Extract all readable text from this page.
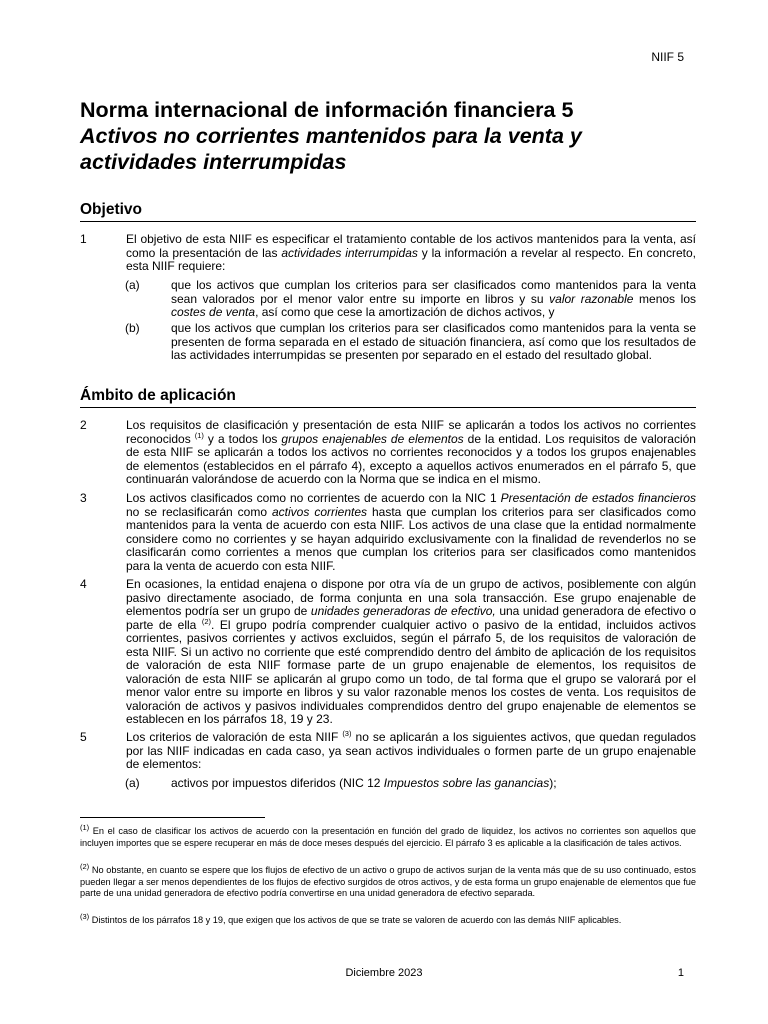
NIIF 5

Norma internacional de información financiera 5

Activos no corrientes mantenidos para la venta y

actividades interrumpidas

Objetivo
1	El objetivo de esta NIIF es especificar el tratamiento contable de los activos mantenidos para la venta, así como la presentación de las actividades interrumpidas y la información a revelar al respecto. En concreto, esta NIIF requiere:
(a)	que los activos que cumplan los criterios para ser clasificados como mantenidos para la venta sean valorados por el menor valor entre su importe en libros y su valor razonable menos los costes de venta, así como que cese la amortización de dichos activos, y
(b)	que los activos que cumplan los criterios para ser clasificados como mantenidos para la venta se presenten de forma separada en el estado de situación financiera, así como que los resultados de las actividades interrumpidas se presenten por separado en el estado del resultado global.
Ámbito de aplicación
2	Los requisitos de clasificación y presentación de esta NIIF se aplicarán a todos los activos no corrientes reconocidos $^{(1)}$ y a todos los grupos enajenables de elementos de la entidad. Los requisitos de valoración de esta NIIF se aplicarán a todos los activos no corrientes reconocidos y a todos los grupos enajenables de elementos (establecidos en el párrafo 4), excepto a aquellos activos enumerados en el párrafo 5, que continuarán valorándose de acuerdo con la Norma que se indica en el mismo.
3	Los activos clasificados como no corrientes de acuerdo con la NIC 1 Presentación de estados financieros no se reclasificarán como activos corrientes hasta que cumplan los criterios para ser clasificados como mantenidos para la venta de acuerdo con esta NIIF. Los activos de una clase que la entidad normalmente considere como no corrientes y se hayan adquirido exclusivamente con la finalidad de revenderlos no se clasificarán como corrientes a menos que cumplan los criterios para ser clasificados como mantenidos para la venta de acuerdo con esta NIIF.
4	En ocasiones, la entidad enajena o dispone por otra vía de un grupo de activos, posiblemente con algún pasivo directamente asociado, de forma conjunta en una sola transacción. Ese grupo enajenable de elementos podría ser un grupo de unidades generadoras de efectivo, una unidad generadora de efectivo o parte de ella $^{(2)}$. El grupo podría comprender cualquier activo o pasivo de la entidad, incluidos activos corrientes, pasivos corrientes y activos excluidos, según el párrafo 5, de los requisitos de valoración de esta NIIF. Si un activo no corriente que esté comprendido dentro del ámbito de aplicación de los requisitos de valoración de esta NIIF formase parte de un grupo enajenable de elementos, los requisitos de valoración de esta NIIF se aplicarán al grupo como un todo, de tal forma que el grupo se valorará por el menor valor entre su importe en libros y su valor razonable menos los costes de venta. Los requisitos de valoración de activos y pasivos individuales comprendidos dentro del grupo enajenable de elementos se establecen en los párrafos 18, 19 y 23.
5	Los criterios de valoración de esta NIIF $^{(3)}$ no se aplicarán a los siguientes activos, que quedan regulados por las NIIF indicadas en cada caso, ya sean activos individuales o formen parte de un grupo enajenable de elementos:
(a)	activos por impuestos diferidos (NIC 12 Impuestos sobre las ganancias);
$^{(1)}$ En el caso de clasificar los activos de acuerdo con la presentación en función del grado de liquidez, los activos no corrientes son aquellos que incluyen importes que se espere recuperar en más de doce meses después del ejercicio. El párrafo 3 es aplicable a la clasificación de tales activos.
$^{(2)}$ No obstante, en cuanto se espere que los flujos de efectivo de un activo o grupo de activos surjan de la venta más que de su uso continuado, estos pueden llegar a ser menos dependientes de los flujos de efectivo surgidos de otros activos, y de esta forma un grupo enajenable de elementos que fue parte de una unidad generadora de efectivo podría convertirse en una unidad generadora de efectivo separada.
$^{(3)}$ Distintos de los párrafos 18 y 19, que exigen que los activos de que se trate se valoren de acuerdo con las demás NIIF aplicables.
Diciembre 2023	1
